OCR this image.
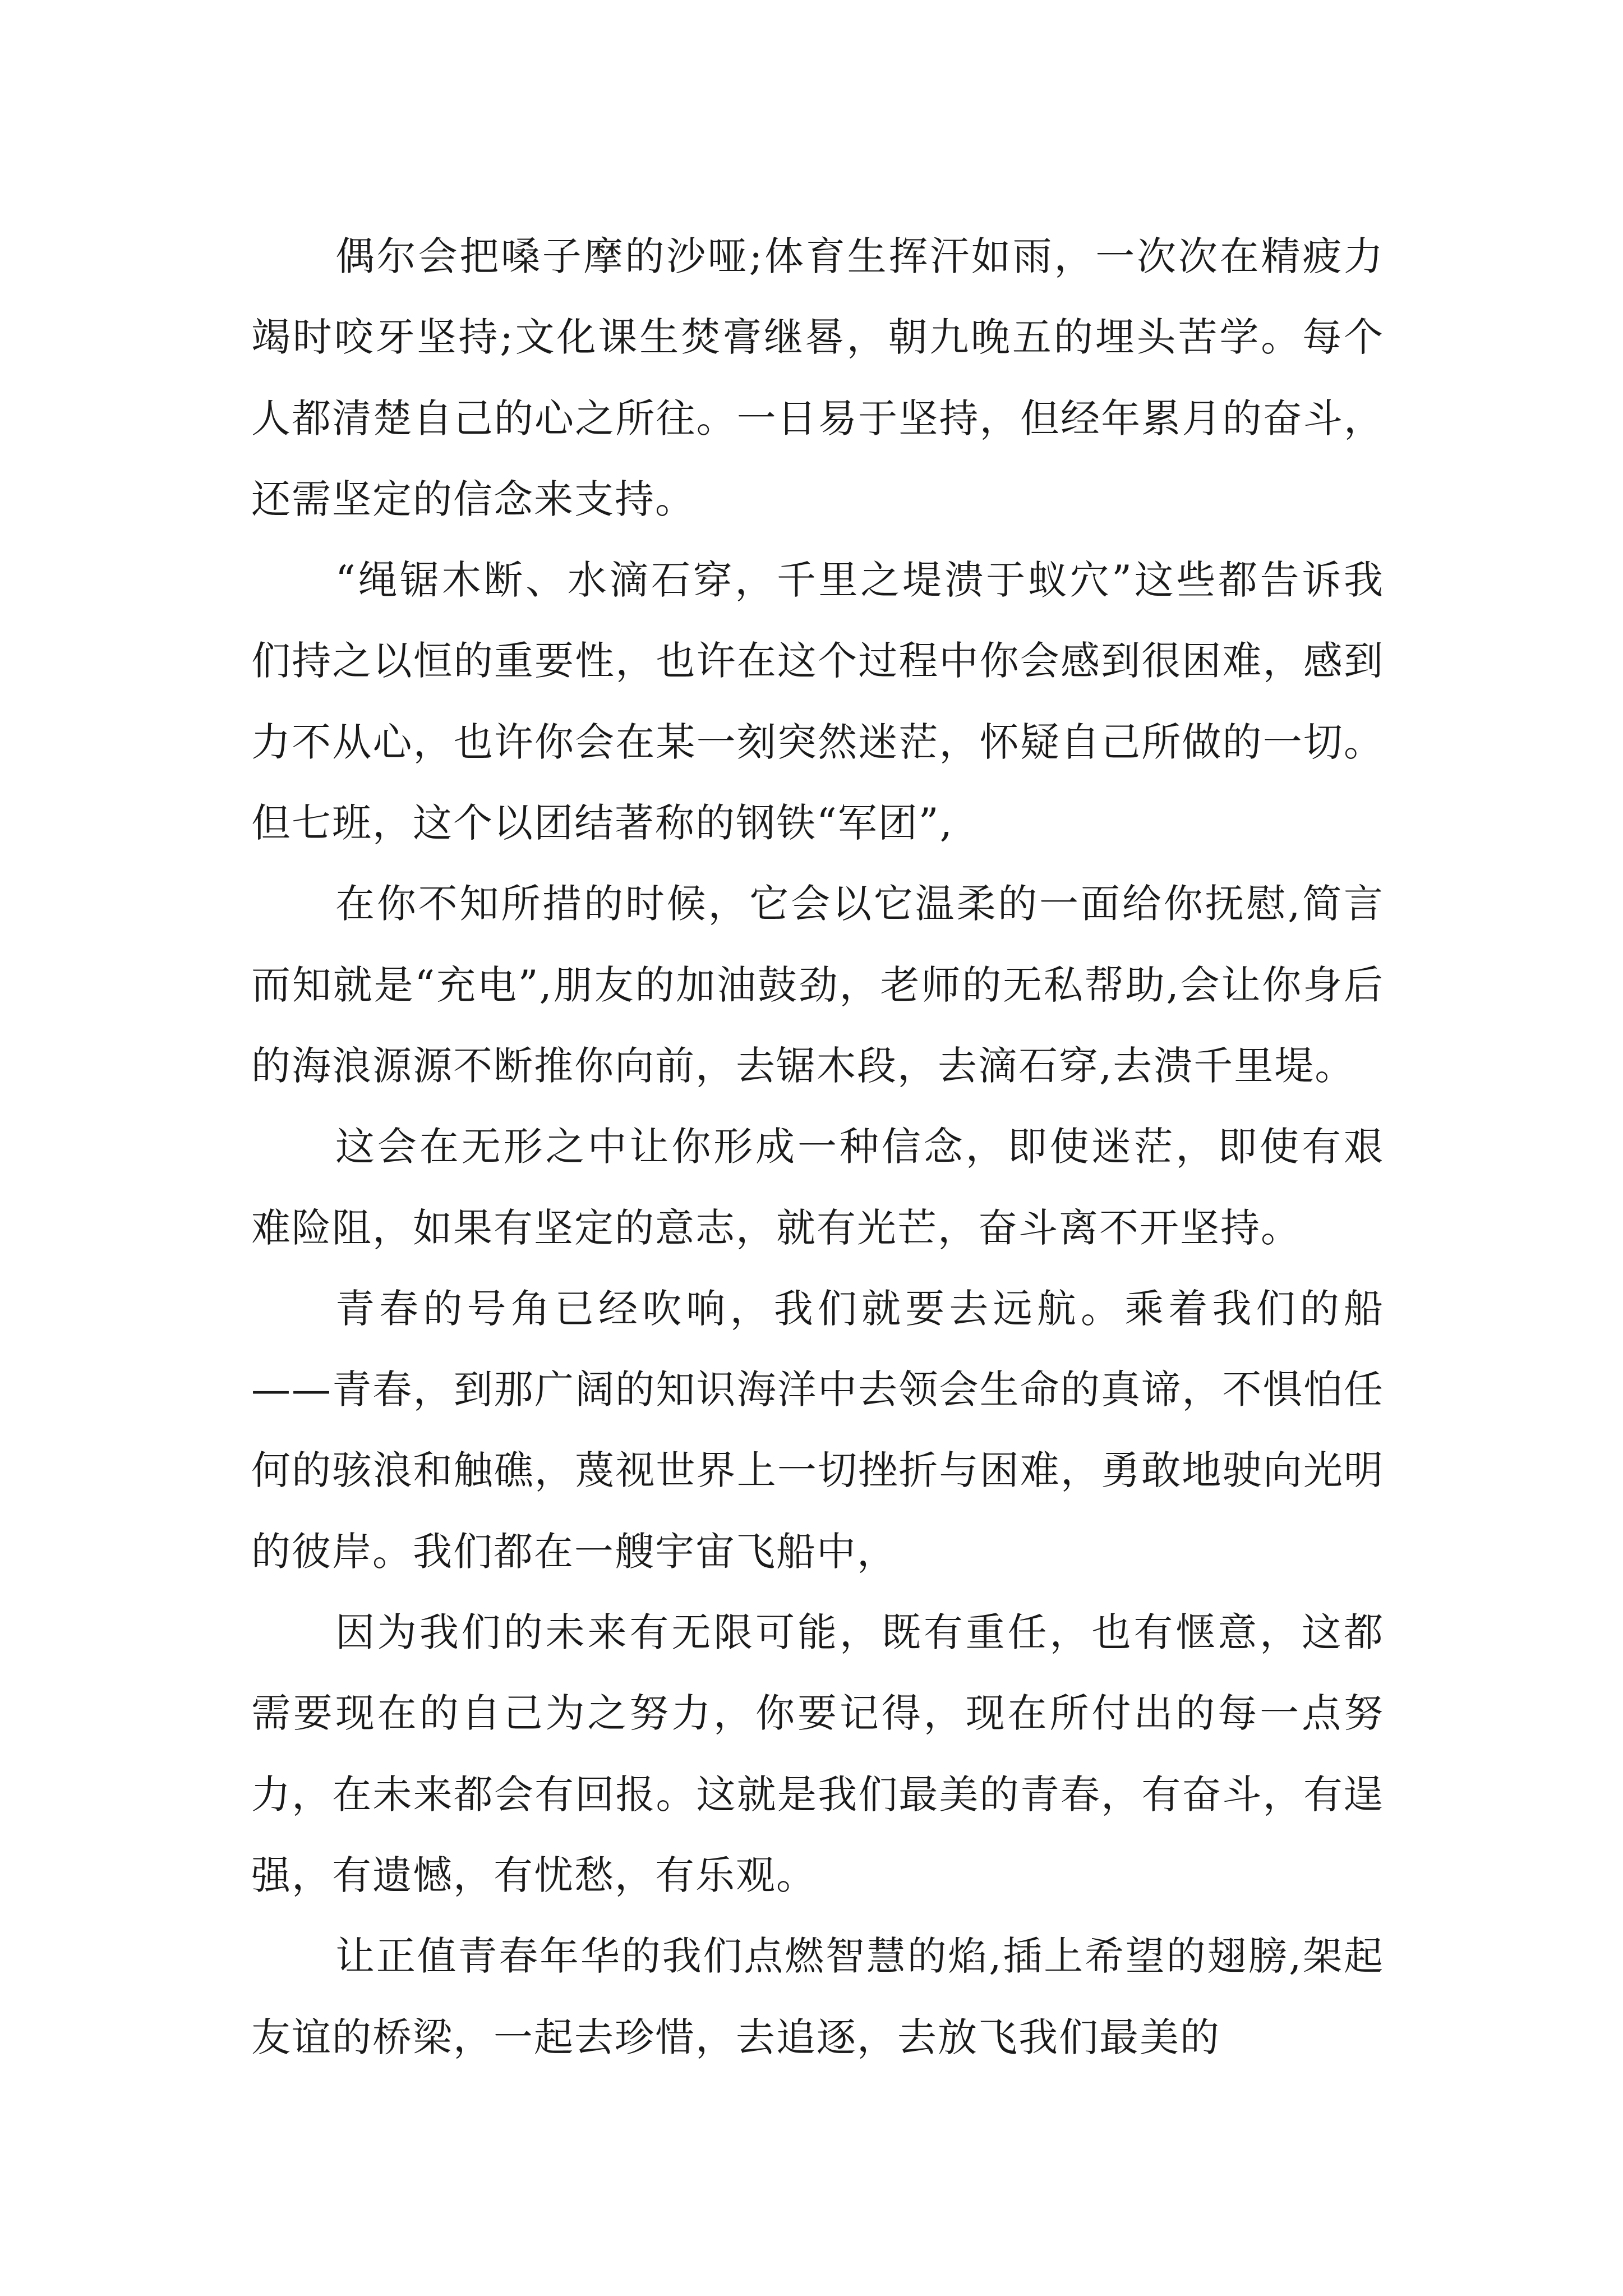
偶尔会把嗓子摩的沙哑;体育生挥汗如雨，一次次在精疲力竭时咬牙坚持;文化课生焚膏继晷，朝九晚五的埋头苦学。每个人都清楚自己的心之所往。一日易于坚持，但经年累月的奋斗，还需坚定的信念来支持。

“绳锯木断、水滴石穿，千里之堤溃于蚁穴”这些都告诉我们持之以恒的重要性，也许在这个过程中你会感到很困难，感到力不从心，也许你会在某一刻突然迷茫，怀疑自己所做的一切。但七班，这个以团结著称的钢铁“军团”,

在你不知所措的时候，它会以它温柔的一面给你抚慰,简言而知就是“充电”,朋友的加油鼓劲，老师的无私帮助,会让你身后的海浪源源不断推你向前，去锯木段，去滴石穿,去溃千里堤。

这会在无形之中让你形成一种信念，即使迷茫，即使有艰难险阻，如果有坚定的意志，就有光芒，奋斗离不开坚持。

青春的号角已经吹响，我们就要去远航。乘着我们的船——青春，到那广阔的知识海洋中去领会生命的真谛，不惧怕任何的骇浪和触礁，蔑视世界上一切挫折与困难，勇敢地驶向光明的彼岸。我们都在一艘宇宙飞船中，

因为我们的未来有无限可能，既有重任，也有惬意，这都需要现在的自己为之努力，你要记得，现在所付出的每一点努力，在未来都会有回报。这就是我们最美的青春，有奋斗，有逞强，有遗憾，有忧愁，有乐观。

让正值青春年华的我们点燃智慧的焰,插上希望的翅膀,架起友谊的桥梁，一起去珍惜，去追逐，去放飞我们最美的
